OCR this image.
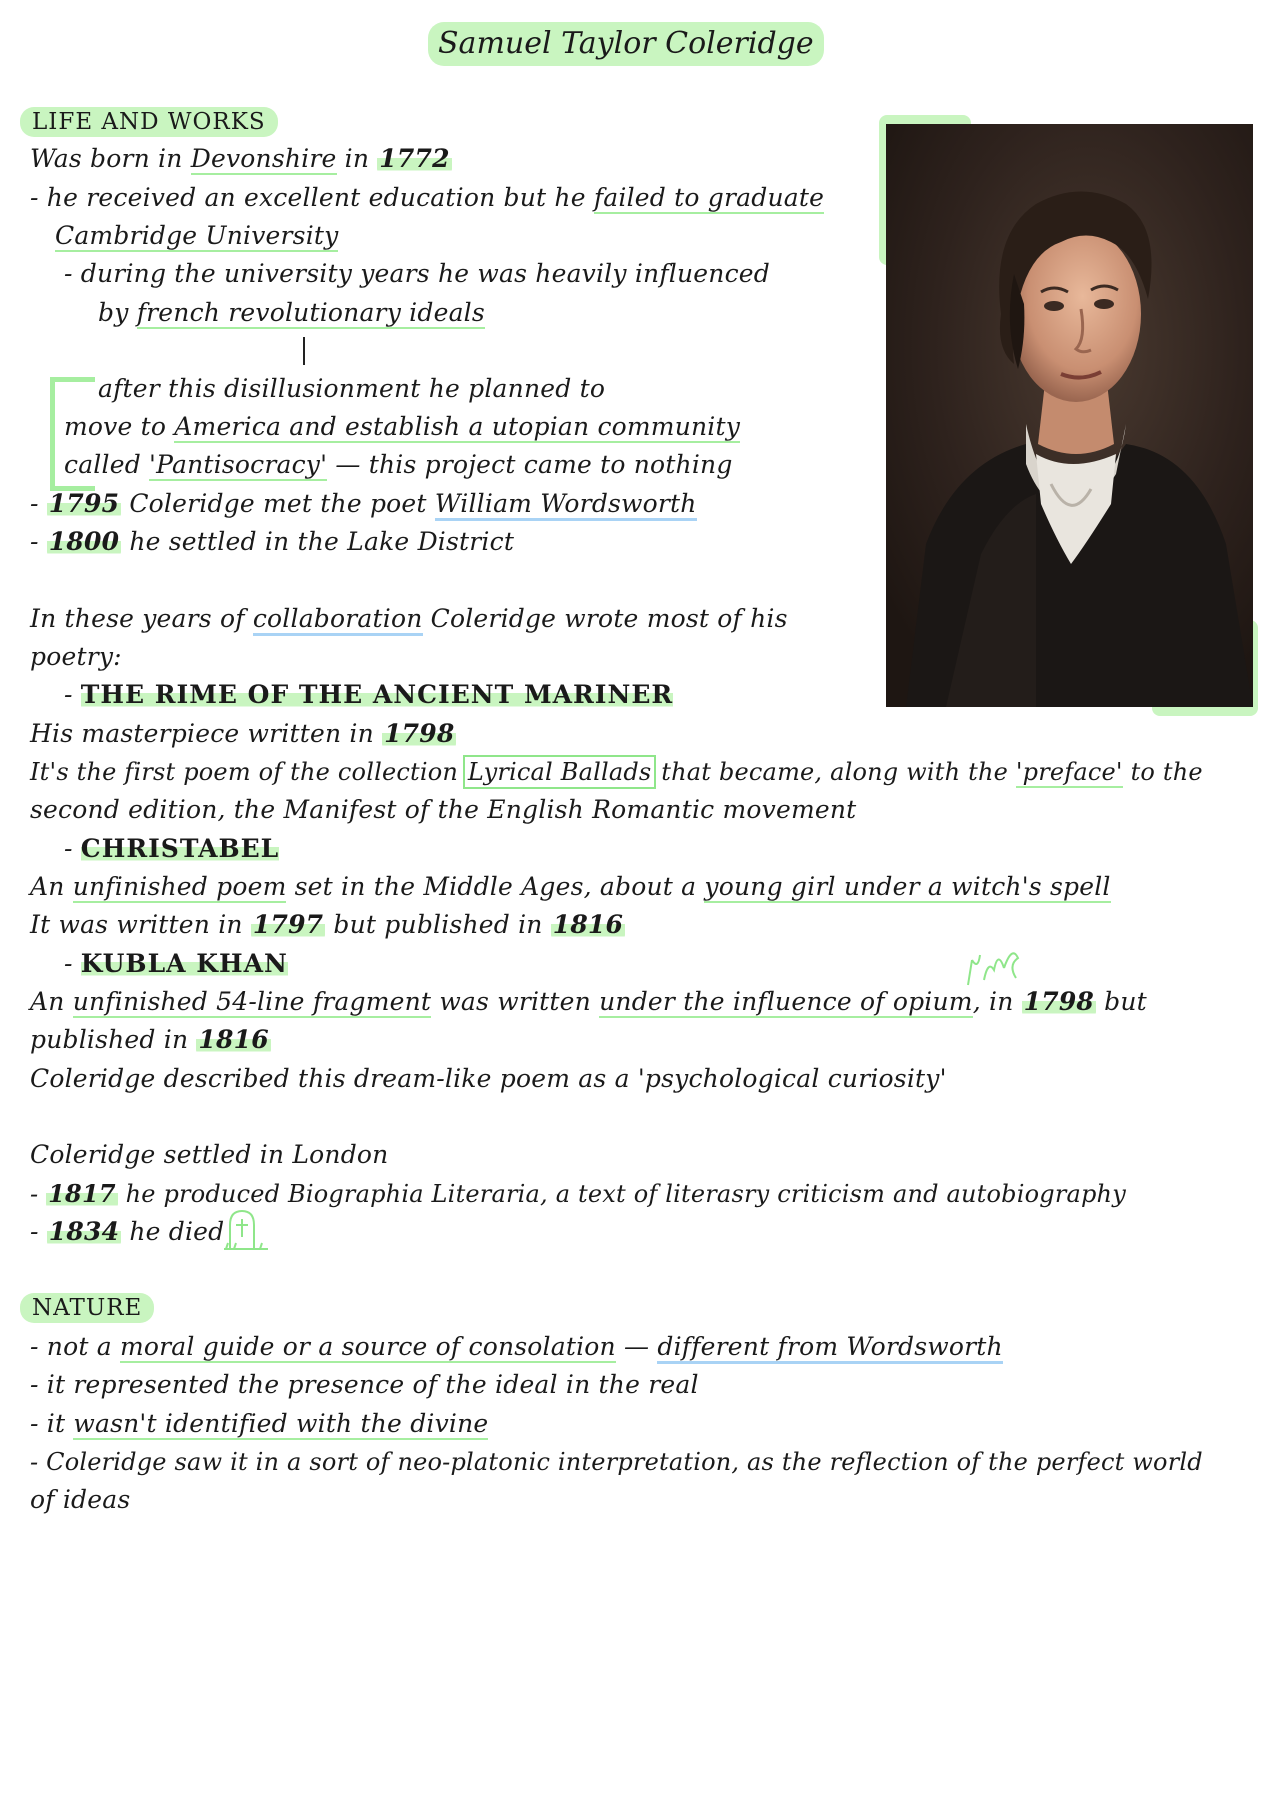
Samuel Taylor Coleridge
LIFE AND WORKS
Was born in Devonshire in 1772
- he received an excellent education but he failed to graduate
Cambridge University
- during the university years he was heavily influenced
by french revolutionary ideals
after this disillusionment he planned to
move to America and establish a utopian community
called 'Pantisocracy' — this project came to nothing
- 1795 Coleridge met the poet William Wordsworth
- 1800 he settled in the Lake District
In these years of collaboration Coleridge wrote most of his
poetry:
- THE RIME OF THE ANCIENT MARINER
His masterpiece written in 1798
It's the first poem of the collection Lyrical Ballads that became, along with the 'preface' to the
second edition, the Manifest of the English Romantic movement
- CHRISTABEL
An unfinished poem set in the Middle Ages, about a young girl under a witch's spell
It was written in 1797 but published in 1816
- KUBLA KHAN
An unfinished 54-line fragment was written under the influence of opium, in 1798 but
published in 1816
Coleridge described this dream-like poem as a 'psychological curiosity'
Coleridge settled in London
- 1817 he produced Biographia Literaria, a text of literasry criticism and autobiography
- 1834 he died
NATURE
- not a moral guide or a source of consolation — different from Wordsworth
- it represented the presence of the ideal in the real
- it wasn't identified with the divine
- Coleridge saw it in a sort of neo-platonic interpretation, as the reflection of the perfect world
of ideas
